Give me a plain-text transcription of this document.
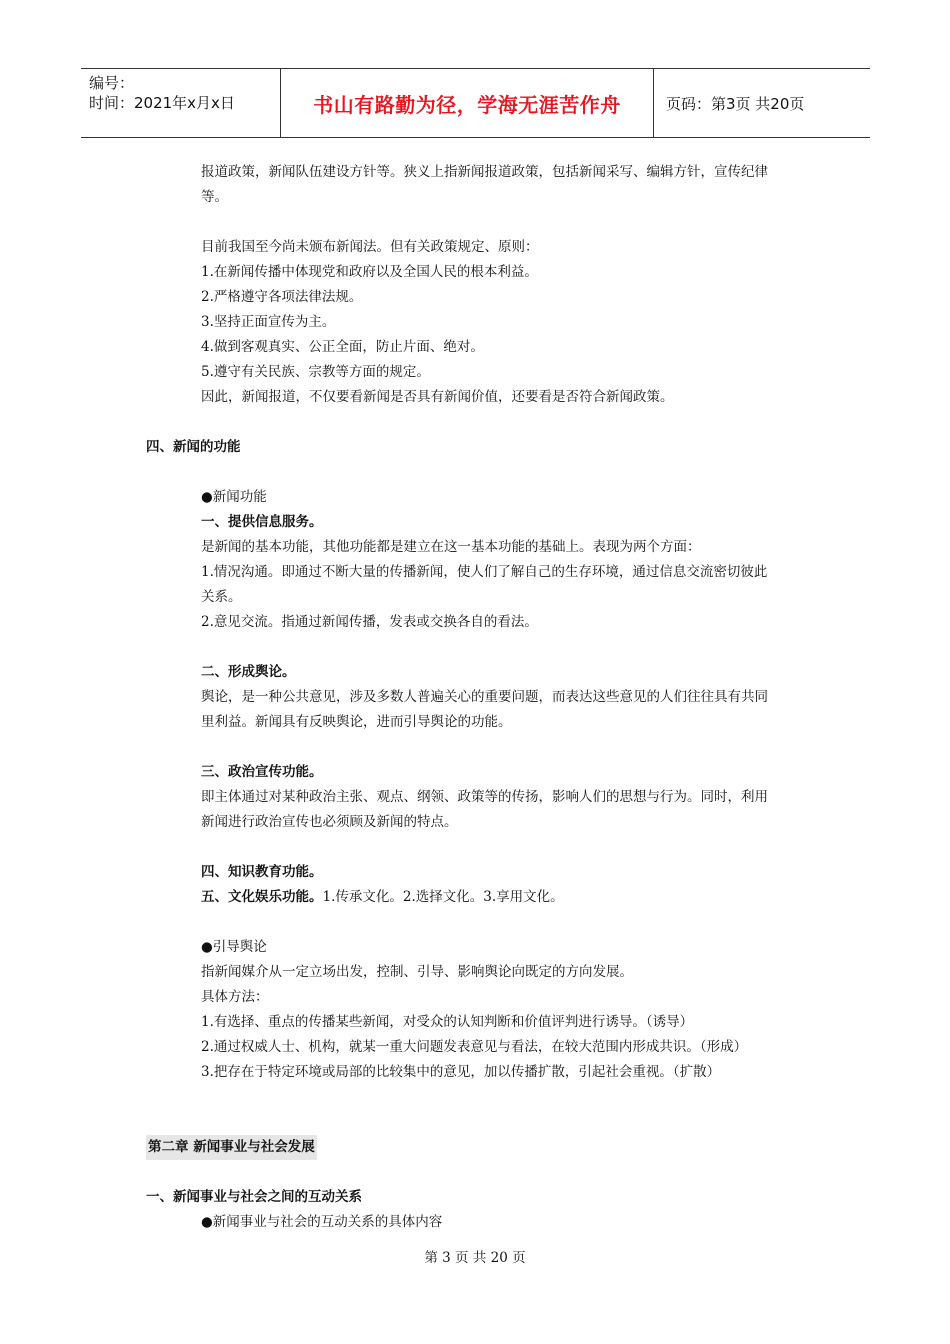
编号：
时间：2021年x月x日	书山有路勤为径，学海无涯苦作舟	页码：第3页 共20页

报道政策，新闻队伍建设方针等。狭义上指新闻报道政策，包括新闻采写、编辑方针，宣传纪律

等。

目前我国至今尚未颁布新闻法。但有关政策规定、原则：

1.在新闻传播中体现党和政府以及全国人民的根本利益。

2.严格遵守各项法律法规。

3.坚持正面宣传为主。

4.做到客观真实、公正全面，防止片面、绝对。

5.遵守有关民族、宗教等方面的规定。

因此，新闻报道，不仅要看新闻是否具有新闻价值，还要看是否符合新闻政策。

四、新闻的功能

●新闻功能

一、提供信息服务。

是新闻的基本功能，其他功能都是建立在这一基本功能的基础上。表现为两个方面：

1.情况沟通。即通过不断大量的传播新闻，使人们了解自己的生存环境，通过信息交流密切彼此

关系。

2.意见交流。指通过新闻传播，发表或交换各自的看法。

二、形成舆论。

舆论，是一种公共意见，涉及多数人普遍关心的重要问题，而表达这些意见的人们往往具有共同

里利益。新闻具有反映舆论，进而引导舆论的功能。

三、政治宣传功能。

即主体通过对某种政治主张、观点、纲领、政策等的传扬，影响人们的思想与行为。同时，利用

新闻进行政治宣传也必须顾及新闻的特点。

四、知识教育功能。

五、文化娱乐功能。1.传承文化。2.选择文化。3.享用文化。

●引导舆论

指新闻媒介从一定立场出发，控制、引导、影响舆论向既定的方向发展。

具体方法：

1.有选择、重点的传播某些新闻，对受众的认知判断和价值评判进行诱导。（诱导）

2.通过权威人士、机构，就某一重大问题发表意见与看法，在较大范围内形成共识。（形成）

3.把存在于特定环境或局部的比较集中的意见，加以传播扩散，引起社会重视。（扩散）

第二章 新闻事业与社会发展

一、新闻事业与社会之间的互动关系

●新闻事业与社会的互动关系的具体内容

第 3 页 共 20 页
